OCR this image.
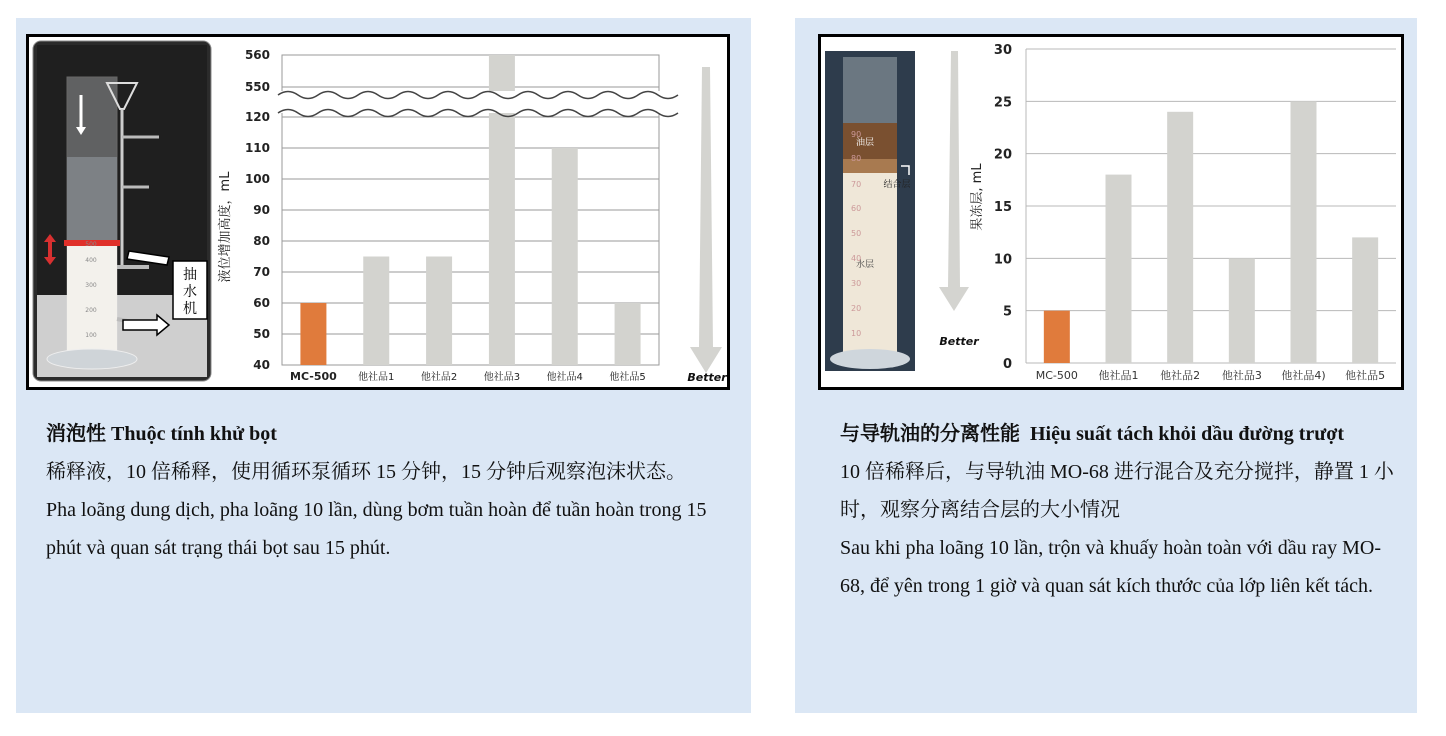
500
400
300
200
100
抽
水
机
液位增加高度，mL
40
50
60
70
80
90
100
110
120
550
560
MC-500 他社品1	他社品2	他社品3	他社品4	他社品5	Better

消泡性 Thuộc tính khử bọt

稀释液，10 倍稀释，使用循环泵循环 15 分钟，15 分钟后观察泡沫状态。

Pha loãng dung dịch, pha loãng 10 lần, dùng bơm tuần hoàn để tuần hoàn trong 15 phút và quan sát trạng thái bọt sau 15 phút.

油层
结合层
水层
90
80
70
60
50
40
30
20
10
Better
果冻层, mL
0
5
10
15
20
25
30
MC-500 他社品1 他社品2 他社品3 他社品4) 他社品5

与导轨油的分离性能 Hiệu suất tách khỏi dầu đường trượt

10 倍稀释后，与导轨油 MO-68 进行混合及充分搅拌，静置 1 小时，观察分离结合层的大小情况

Sau khi pha loãng 10 lần, trộn và khuấy hoàn toàn với dầu ray MO-68, để yên trong 1 giờ và quan sát kích thước của lớp liên kết tách.
